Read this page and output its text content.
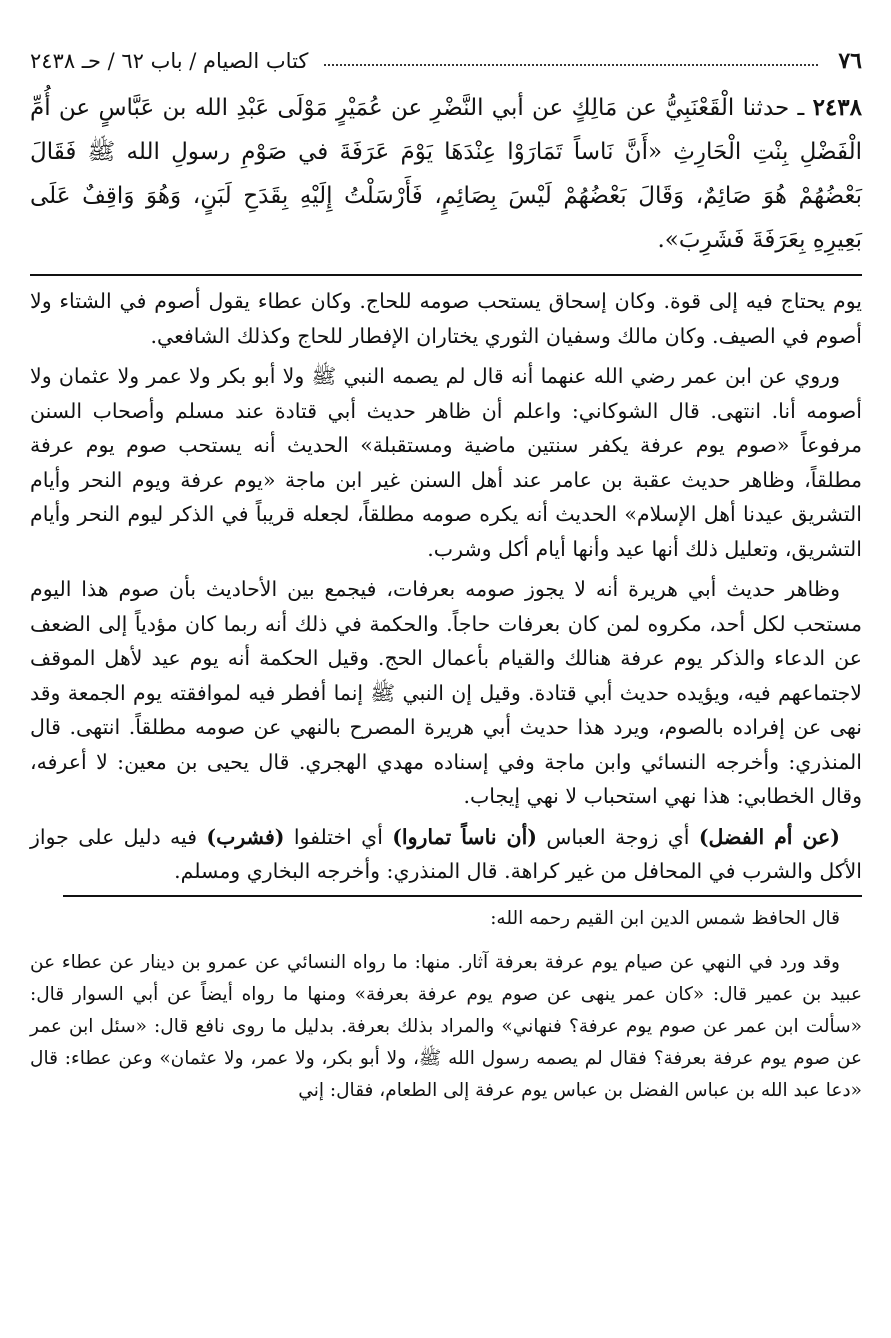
٧٦
كتاب الصيام / باب ٦٢ / حـ ٢٤٣٨
٢٤٣٨ ـ حدثنا الْقَعْنَبِيُّ عن مَالِكٍ عن أبي النَّضْرِ عن عُمَيْرٍ مَوْلَى عَبْدِ الله بن عَبَّاسٍ عن أُمِّ الْفَضْلِ بِنْتِ الْحَارِثِ «أَنَّ نَاساً تَمَارَوْا عِنْدَهَا يَوْمَ عَرَفَةَ في صَوْمِ رسولِ الله ﷺ فَقَالَ بَعْضُهُمْ هُوَ صَائِمٌ، وَقَالَ بَعْضُهُمْ لَيْسَ بِصَائِمٍ، فَأَرْسَلْتُ إِلَيْهِ بِقَدَحِ لَبَنٍ، وَهُوَ وَاقِفٌ عَلَى بَعِيرِهِ بِعَرَفَةَ فَشَرِبَ».

يوم يحتاج فيه إلى قوة. وكان إسحاق يستحب صومه للحاج. وكان عطاء يقول أصوم في الشتاء ولا أصوم في الصيف. وكان مالك وسفيان الثوري يختاران الإفطار للحاج وكذلك الشافعي.

وروي عن ابن عمر رضي الله عنهما أنه قال لم يصمه النبي ﷺ ولا أبو بكر ولا عمر ولا عثمان ولا أصومه أنا. انتهى. قال الشوكاني: واعلم أن ظاهر حديث أبي قتادة عند مسلم وأصحاب السنن مرفوعاً «صوم يوم عرفة يكفر سنتين ماضية ومستقبلة» الحديث أنه يستحب صوم يوم عرفة مطلقاً، وظاهر حديث عقبة بن عامر عند أهل السنن غير ابن ماجة «يوم عرفة ويوم النحر وأيام التشريق عيدنا أهل الإسلام» الحديث أنه يكره صومه مطلقاً، لجعله قريباً في الذكر ليوم النحر وأيام التشريق، وتعليل ذلك أنها عيد وأنها أيام أكل وشرب.

وظاهر حديث أبي هريرة أنه لا يجوز صومه بعرفات، فيجمع بين الأحاديث بأن صوم هذا اليوم مستحب لكل أحد، مكروه لمن كان بعرفات حاجاً. والحكمة في ذلك أنه ربما كان مؤدياً إلى الضعف عن الدعاء والذكر يوم عرفة هنالك والقيام بأعمال الحج. وقيل الحكمة أنه يوم عيد لأهل الموقف لاجتماعهم فيه، ويؤيده حديث أبي قتادة. وقيل إن النبي ﷺ إنما أفطر فيه لموافقته يوم الجمعة وقد نهى عن إفراده بالصوم، ويرد هذا حديث أبي هريرة المصرح بالنهي عن صومه مطلقاً. انتهى. قال المنذري: وأخرجه النسائي وابن ماجة وفي إسناده مهدي الهجري. قال يحيى بن معين: لا أعرفه، وقال الخطابي: هذا نهي استحباب لا نهي إيجاب.

(عن أم الفضل) أي زوجة العباس (أن ناساً تماروا) أي اختلفوا (فشرب) فيه دليل على جواز الأكل والشرب في المحافل من غير كراهة. قال المنذري: وأخرجه البخاري ومسلم.

قال الحافظ شمس الدين ابن القيم رحمه الله:

وقد ورد في النهي عن صيام يوم عرفة بعرفة آثار. منها: ما رواه النسائي عن عمرو بن دينار عن عطاء عن عبيد بن عمير قال: «كان عمر ينهى عن صوم يوم عرفة بعرفة» ومنها ما رواه أيضاً عن أبي السوار قال: «سألت ابن عمر عن صوم يوم عرفة؟ فنهاني» والمراد بذلك بعرفة. بدليل ما روى نافع قال: «سئل ابن عمر عن صوم يوم عرفة بعرفة؟ فقال لم يصمه رسول الله ﷺ، ولا أبو بكر، ولا عمر، ولا عثمان» وعن عطاء: قال «دعا عبد الله بن عباس الفضل بن عباس يوم عرفة إلى الطعام، فقال: إني
